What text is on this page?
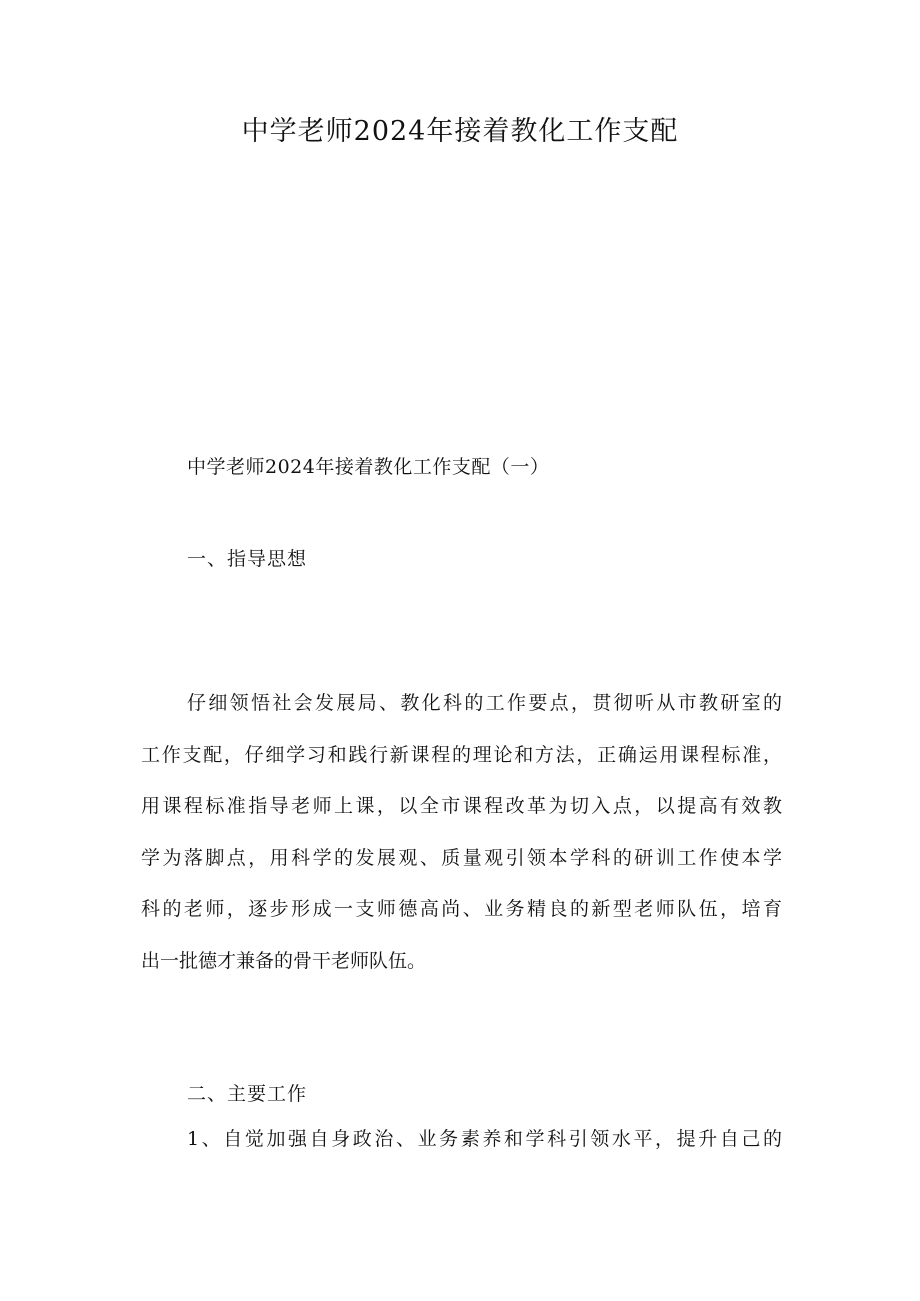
中学老师2024年接着教化工作支配
中学老师2024年接着教化工作支配（一）
一、指导思想
仔细领悟社会发展局、教化科的工作要点，贯彻听从市教研室的
工作支配，仔细学习和践行新课程的理论和方法，正确运用课程标准，
用课程标准指导老师上课，以全市课程改革为切入点，以提高有效教
学为落脚点，用科学的发展观、质量观引领本学科的研训工作使本学
科的老师，逐步形成一支师德高尚、业务精良的新型老师队伍，培育
出一批德才兼备的骨干老师队伍。
二、主要工作
1、自觉加强自身政治、业务素养和学科引领水平，提升自己的
